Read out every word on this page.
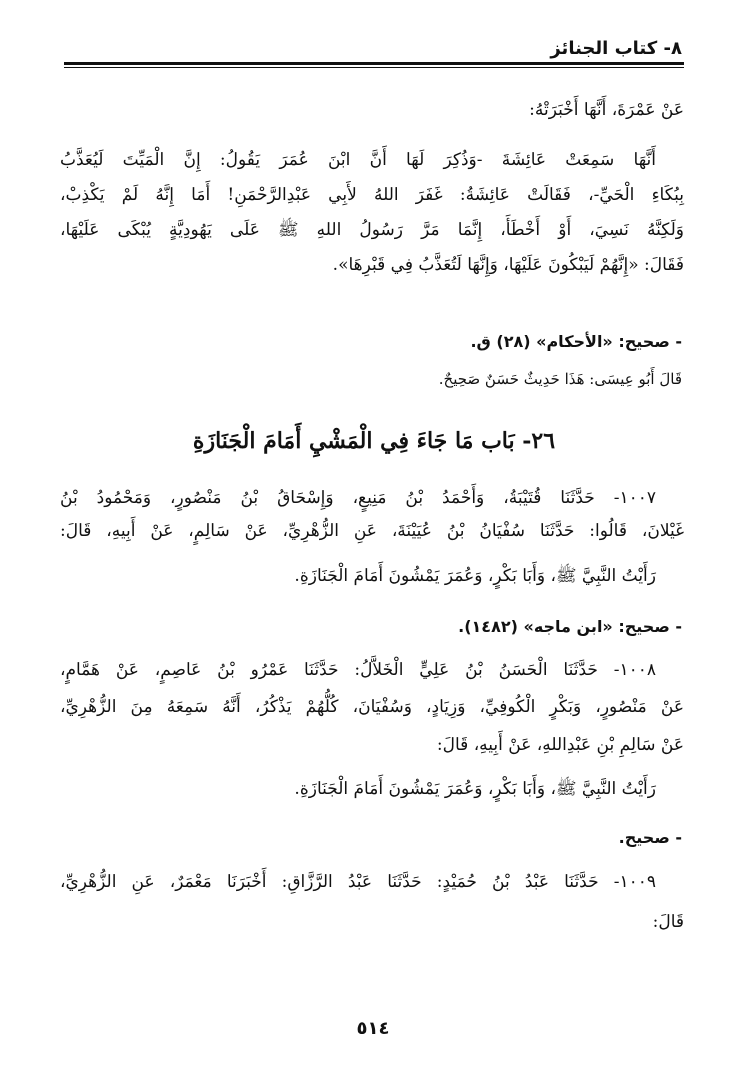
٨- كتاب الجنائز
عَنْ عَمْرَةَ، أَنَّهَا أَخْبَرَتْهُ:
أَنَّهَا سَمِعَتْ عَائِشَةَ -وَذُكِرَ لَهَا أَنَّ ابْنَ عُمَرَ يَقُولُ: إِنَّ الْمَيِّتَ لَيُعَذَّبُ
بِبُكَاءِ الْحَيِّ-، فَقَالَتْ عَائِشَةُ: غَفَرَ اللهُ لأَبِي عَبْدِالرَّحْمَنِ! أَمَا إِنَّهُ لَمْ يَكْذِبْ،
وَلَكِنَّهُ نَسِيَ، أَوْ أَخْطَأَ، إِنَّمَا مَرَّ رَسُولُ اللهِ ﷺ عَلَى يَهُودِيَّةٍ يُبْكَى عَلَيْهَا،
فَقَالَ: «إِنَّهُمْ لَيَبْكُونَ عَلَيْهَا، وَإِنَّهَا لَتُعَذَّبُ فِي قَبْرِهَا».
- صحيح: «الأحكام» (٢٨) ق.
قَالَ أَبُو عِيسَى: هَذَا حَدِيثٌ حَسَنٌ صَحِيحٌ.
٢٦- بَاب مَا جَاءَ فِي الْمَشْيِ أَمَامَ الْجَنَازَةِ
١٠٠٧- حَدَّثَنَا قُتَيْبَةُ، وَأَحْمَدُ بْنُ مَنِيعٍ، وَإِسْحَاقُ بْنُ مَنْصُورٍ، وَمَحْمُودُ بْنُ
غَيْلانَ، قَالُوا: حَدَّثَنَا سُفْيَانُ بْنُ عُيَيْنَةَ، عَنِ الزُّهْرِيِّ، عَنْ سَالِمٍ، عَنْ أَبِيهِ، قَالَ:
رَأَيْتُ النَّبِيَّ ﷺ، وَأَبَا بَكْرٍ، وَعُمَرَ يَمْشُونَ أَمَامَ الْجَنَازَةِ.
- صحيح: «ابن ماجه» (١٤٨٢).
١٠٠٨- حَدَّثَنَا الْحَسَنُ بْنُ عَلِيٍّ الْخَلاَّلُ: حَدَّثَنَا عَمْرُو بْنُ عَاصِمٍ، عَنْ هَمَّامٍ،
عَنْ مَنْصُورٍ، وَبَكْرٍ الْكُوفِيِّ، وَزِيَادٍ، وَسُفْيَانَ، كُلُّهُمْ يَذْكُرُ، أَنَّهُ سَمِعَهُ مِنَ الزُّهْرِيِّ،
عَنْ سَالِمِ بْنِ عَبْدِاللهِ، عَنْ أَبِيهِ، قَالَ:
رَأَيْتُ النَّبِيَّ ﷺ، وَأَبَا بَكْرٍ، وَعُمَرَ يَمْشُونَ أَمَامَ الْجَنَازَةِ.
- صحيح.
١٠٠٩- حَدَّثَنَا عَبْدُ بْنُ حُمَيْدٍ: حَدَّثَنَا عَبْدُ الرَّزَّاقِ: أَخْبَرَنَا مَعْمَرٌ، عَنِ الزُّهْرِيِّ،
قَالَ:
٥١٤
